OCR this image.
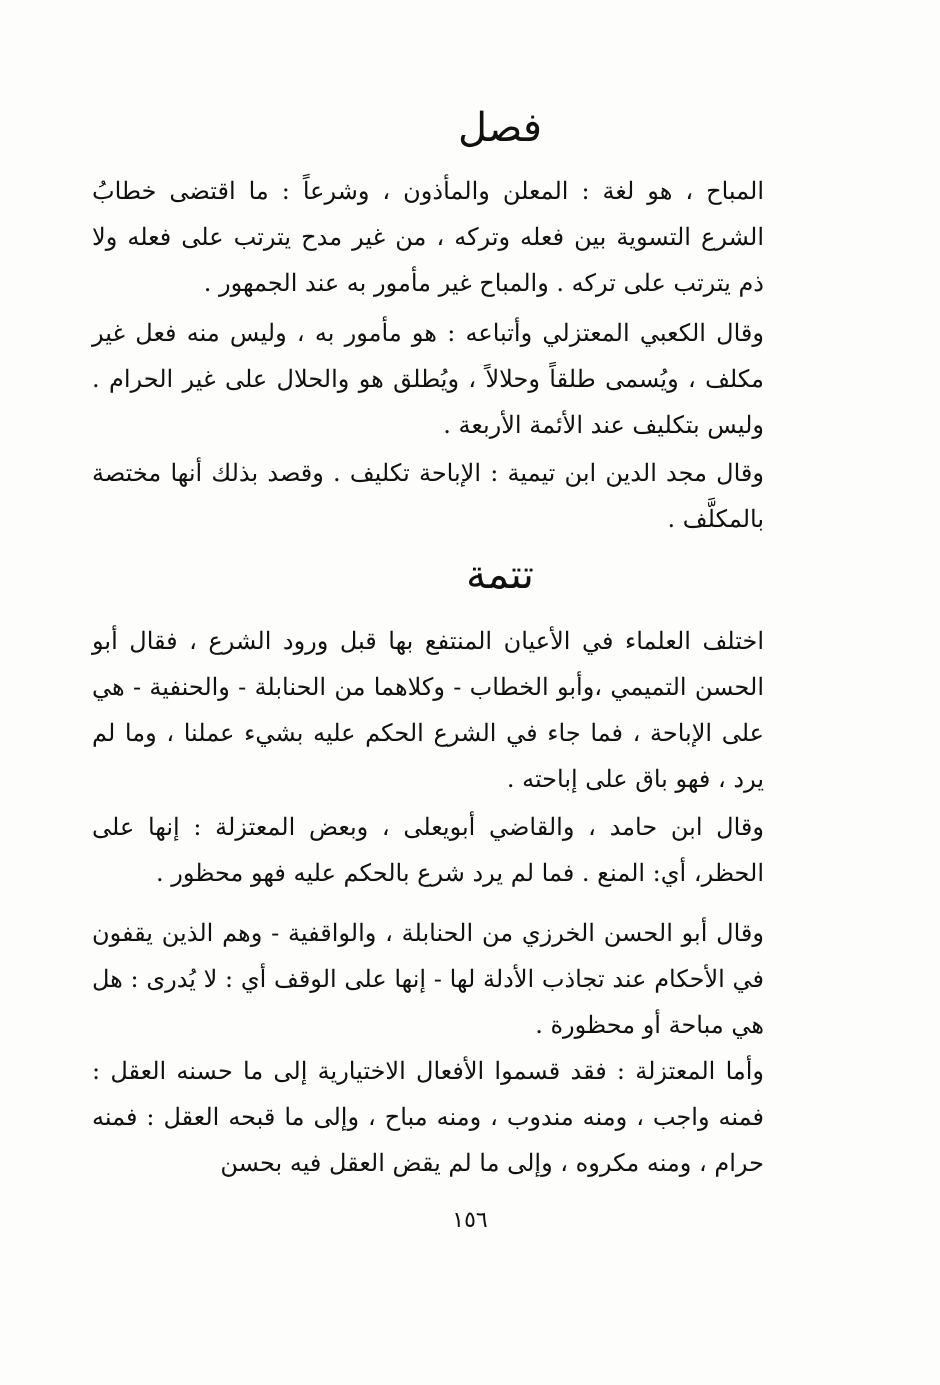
فصل

المباح ، هو لغة : المعلن والمأذون ، وشرعاً : ما اقتضى خطابُ الشرع التسوية بين فعله وتركه ، من غير مدح يترتب على فعله ولا ذم يترتب على تركه . والمباح غير مأمور به عند الجمهور .

وقال الكعبي المعتزلي وأتباعه : هو مأمور به ، وليس منه فعل غير مكلف ، ويُسمى طلقاً وحلالاً ، ويُطلق هو والحلال على غير الحرام . وليس بتكليف عند الأئمة الأربعة .

وقال مجد الدين ابن تيمية : الإباحة تكليف . وقصد بذلك أنها مختصة بالمكلَّف .

تتمة

اختلف العلماء في الأعيان المنتفع بها قبل ورود الشرع ، فقال أبو الحسن التميمي ،وأبو الخطاب - وكلاهما من الحنابلة - والحنفية - هي على الإباحة ، فما جاء في الشرع الحكم عليه بشيء عملنا ، وما لم يرد ، فهو باق على إباحته .

وقال ابن حامد ، والقاضي أبويعلى ، وبعض المعتزلة : إنها على الحظر، أي: المنع . فما لم يرد شرع بالحكم عليه فهو محظور .

وقال أبو الحسن الخرزي من الحنابلة ، والواقفية - وهم الذين يقفون في الأحكام عند تجاذب الأدلة لها - إنها على الوقف أي : لا يُدرى : هل هي مباحة أو محظورة .

وأما المعتزلة : فقد قسموا الأفعال الاختيارية إلى ما حسنه العقل : فمنه واجب ، ومنه مندوب ، ومنه مباح ، وإلى ما قبحه العقل : فمنه حرام ، ومنه مكروه ، وإلى ما لم يقض العقل فيه بحسن

١٥٦
